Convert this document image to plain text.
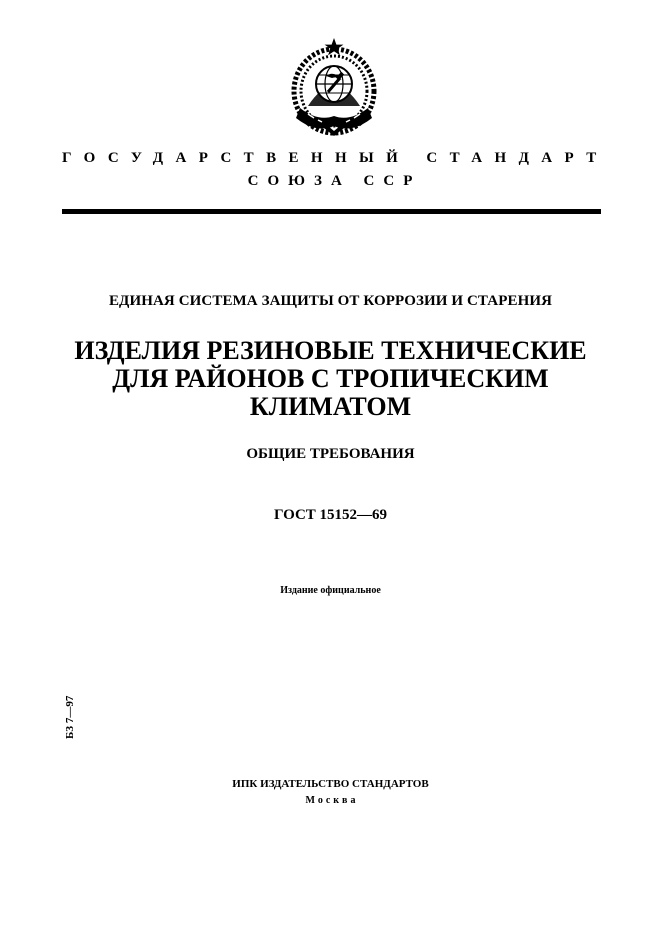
ГОСУДАРСТВЕННЫЙ СТАНДАРТ
СОЮЗА ССР
ЕДИНАЯ СИСТЕМА ЗАЩИТЫ ОТ КОРРОЗИИ И СТАРЕНИЯ
ИЗДЕЛИЯ РЕЗИНОВЫЕ ТЕХНИЧЕСКИЕ
ДЛЯ РАЙОНОВ С ТРОПИЧЕСКИМ
КЛИМАТОМ
ОБЩИЕ ТРЕБОВАНИЯ
ГОСТ 15152—69
Издание официальное
БЗ 7—97
ИПК ИЗДАТЕЛЬСТВО СТАНДАРТОВ
Москва
